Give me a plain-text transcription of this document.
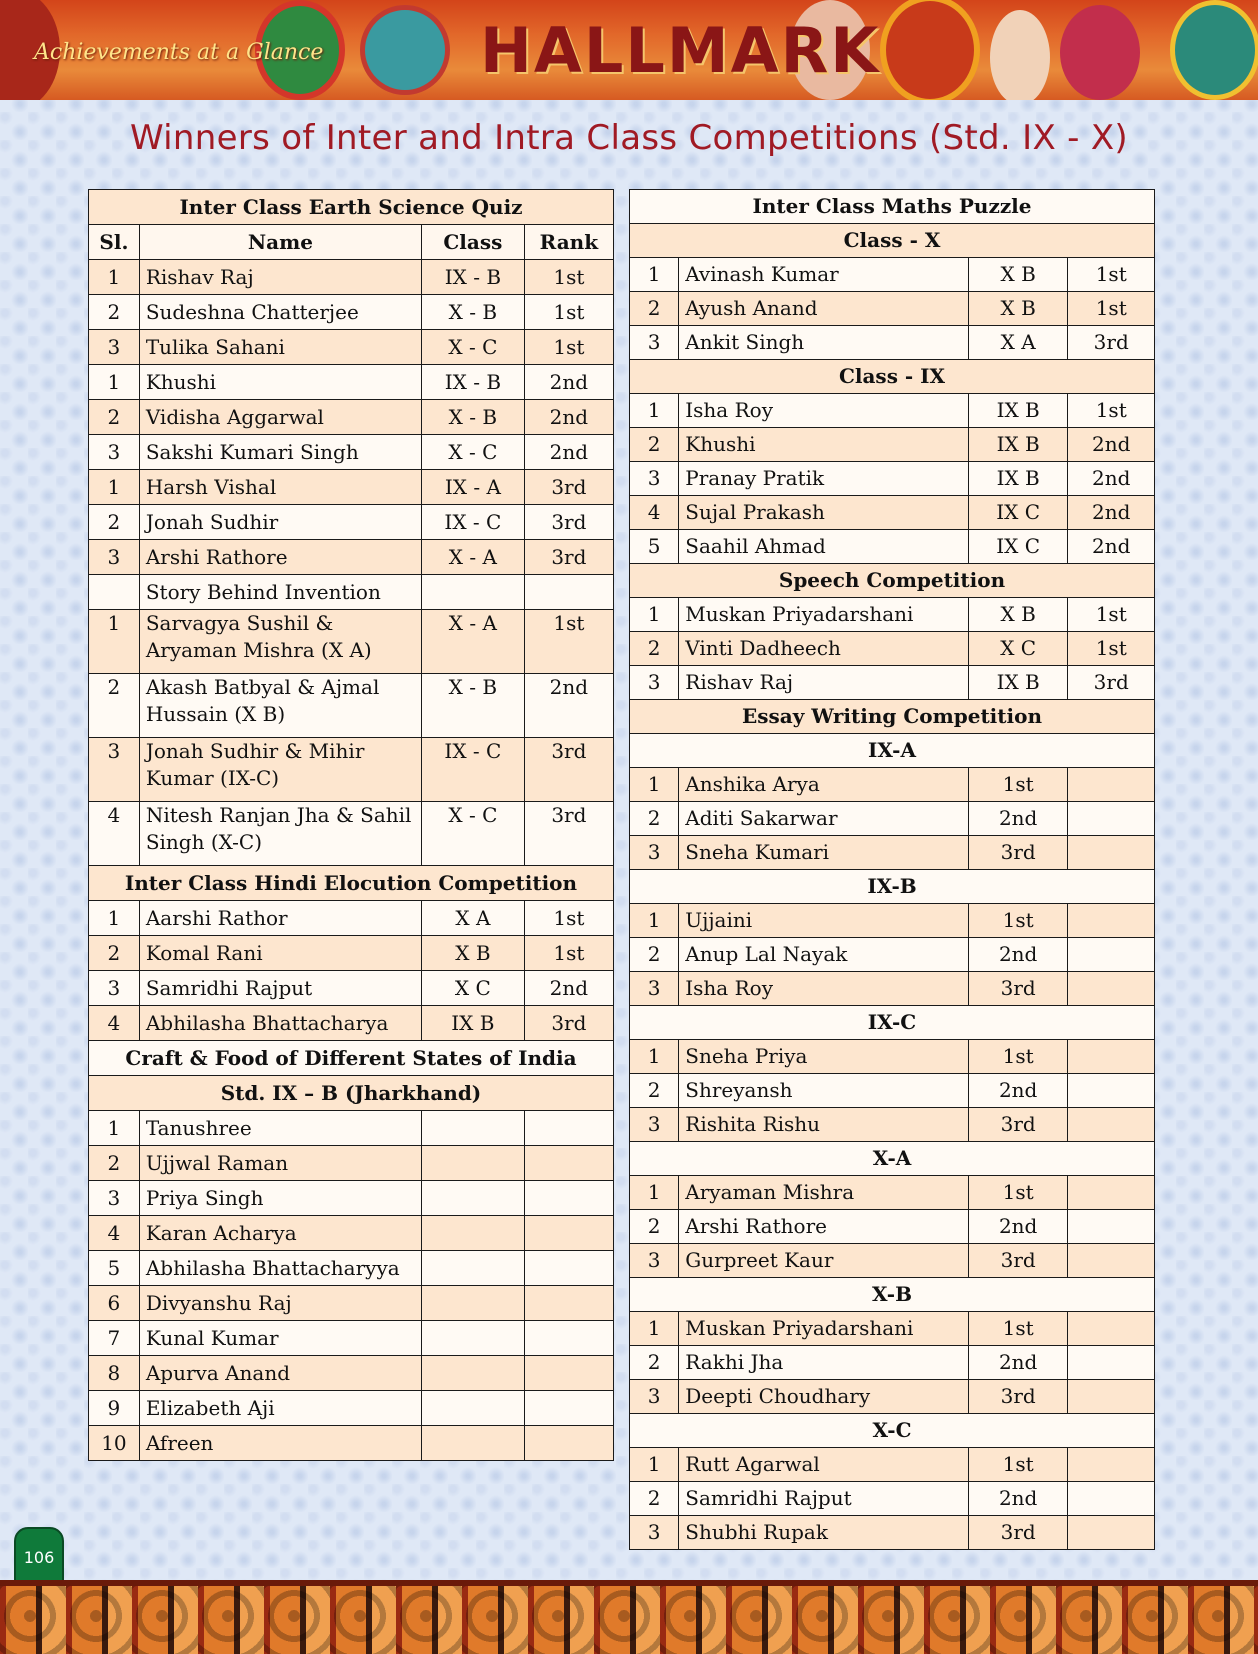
Achievements at a Glance	HALLMARK
Winners of Inter and Intra Class Competitions (Std. IX - X)
Inter Class Earth Science Quiz			
Sl.	Name	Class	Rank
1	Rishav Raj	IX - B	1st
2	Sudeshna Chatterjee	X - B	1st
3	Tulika Sahani	X - C	1st
1	Khushi	IX - B	2nd
2	Vidisha Aggarwal	X - B	2nd
3	Sakshi Kumari Singh	X - C	2nd
1	Harsh Vishal	IX - A	3rd
2	Jonah Sudhir	IX - C	3rd
3	Arshi Rathore	X - A	3rd
	Story Behind Invention		
1	Sarvagya Sushil & Aryaman Mishra (X A)	X - A	1st
2	Akash Batbyal & Ajmal Hussain (X B)	X - B	2nd
3	Jonah Sudhir & Mihir Kumar (IX-C)	IX - C	3rd
4	Nitesh Ranjan Jha & Sahil Singh (X-C)	X - C	3rd
Inter Class Hindi Elocution Competition			
1	Aarshi Rathor	X A	1st
2	Komal Rani	X B	1st
3	Samridhi Rajput	X C	2nd
4	Abhilasha Bhattacharya	IX B	3rd
Craft & Food of Different States of India			
Std. IX – B (Jharkhand)			
1	Tanushree		
2	Ujjwal Raman		
3	Priya Singh		
4	Karan Acharya		
5	Abhilasha Bhattacharyya		
6	Divyanshu Raj		
7	Kunal Kumar		
8	Apurva Anand		
9	Elizabeth Aji		
10	Afreen		
Inter Class Maths Puzzle			
Class - X			
1	Avinash Kumar	X B	1st
2	Ayush Anand	X B	1st
3	Ankit Singh	X A	3rd
Class - IX			
1	Isha Roy	IX B	1st
2	Khushi	IX B	2nd
3	Pranay Pratik	IX B	2nd
4	Sujal Prakash	IX C	2nd
5	Saahil Ahmad	IX C	2nd
Speech Competition			
1	Muskan Priyadarshani	X B	1st
2	Vinti Dadheech	X C	1st
3	Rishav Raj	IX B	3rd
Essay Writing Competition			
IX-A			
1	Anshika Arya	1st	
2	Aditi Sakarwar	2nd	
3	Sneha Kumari	3rd	
IX-B			
1	Ujjaini	1st	
2	Anup Lal Nayak	2nd	
3	Isha Roy	3rd	
IX-C			
1	Sneha Priya	1st	
2	Shreyansh	2nd	
3	Rishita Rishu	3rd	
X-A			
1	Aryaman Mishra	1st	
2	Arshi Rathore	2nd	
3	Gurpreet Kaur	3rd	
X-B			
1	Muskan Priyadarshani	1st	
2	Rakhi Jha	2nd	
3	Deepti Choudhary	3rd	
X-C			
1	Rutt Agarwal	1st	
2	Samridhi Rajput	2nd	
3	Shubhi Rupak	3rd	
106
